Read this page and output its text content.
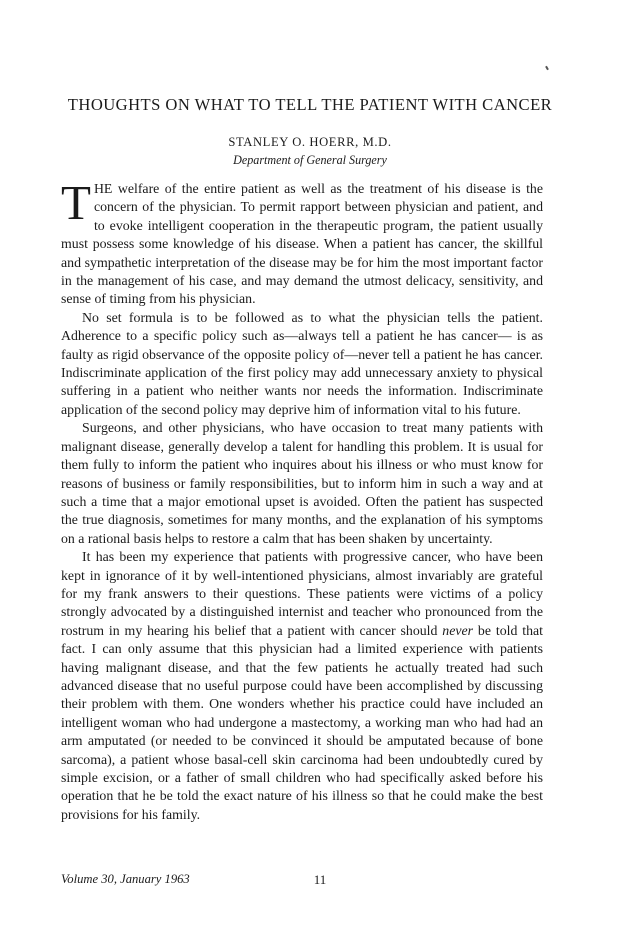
THOUGHTS ON WHAT TO TELL THE PATIENT WITH CANCER
STANLEY O. HOERR, M.D.
Department of General Surgery

THE welfare of the entire patient as well as the treatment of his disease is the concern of the physician. To permit rapport between physician and patient, and to evoke intelligent cooperation in the therapeutic program, the patient usually must possess some knowledge of his disease. When a patient has cancer, the skillful and sympathetic interpretation of the disease may be for him the most important factor in the management of his case, and may demand the utmost delicacy, sensitivity, and sense of timing from his physician.

No set formula is to be followed as to what the physician tells the patient. Adherence to a specific policy such as—always tell a patient he has cancer— is as faulty as rigid observance of the opposite policy of—never tell a patient he has cancer. Indiscriminate application of the first policy may add unnecessary anxiety to physical suffering in a patient who neither wants nor needs the information. Indiscriminate application of the second policy may deprive him of information vital to his future.

Surgeons, and other physicians, who have occasion to treat many patients with malignant disease, generally develop a talent for handling this problem. It is usual for them fully to inform the patient who inquires about his illness or who must know for reasons of business or family responsibilities, but to inform him in such a way and at such a time that a major emotional upset is avoided. Often the patient has suspected the true diagnosis, sometimes for many months, and the explanation of his symptoms on a rational basis helps to restore a calm that has been shaken by uncertainty.

It has been my experience that patients with progressive cancer, who have been kept in ignorance of it by well-intentioned physicians, almost invariably are grateful for my frank answers to their questions. These patients were victims of a policy strongly advocated by a distinguished internist and teacher who pronounced from the rostrum in my hearing his belief that a patient with cancer should never be told that fact. I can only assume that this physician had a limited experience with patients having malignant disease, and that the few patients he actually treated had such advanced disease that no useful purpose could have been accomplished by discussing their problem with them. One wonders whether his practice could have included an intelligent woman who had undergone a mastectomy, a working man who had had an arm amputated (or needed to be convinced it should be amputated because of bone sarcoma), a patient whose basal-cell skin carcinoma had been undoubtedly cured by simple excision, or a father of small children who had specifically asked before his operation that he be told the exact nature of his illness so that he could make the best provisions for his family.

Volume 30, January 1963	11
